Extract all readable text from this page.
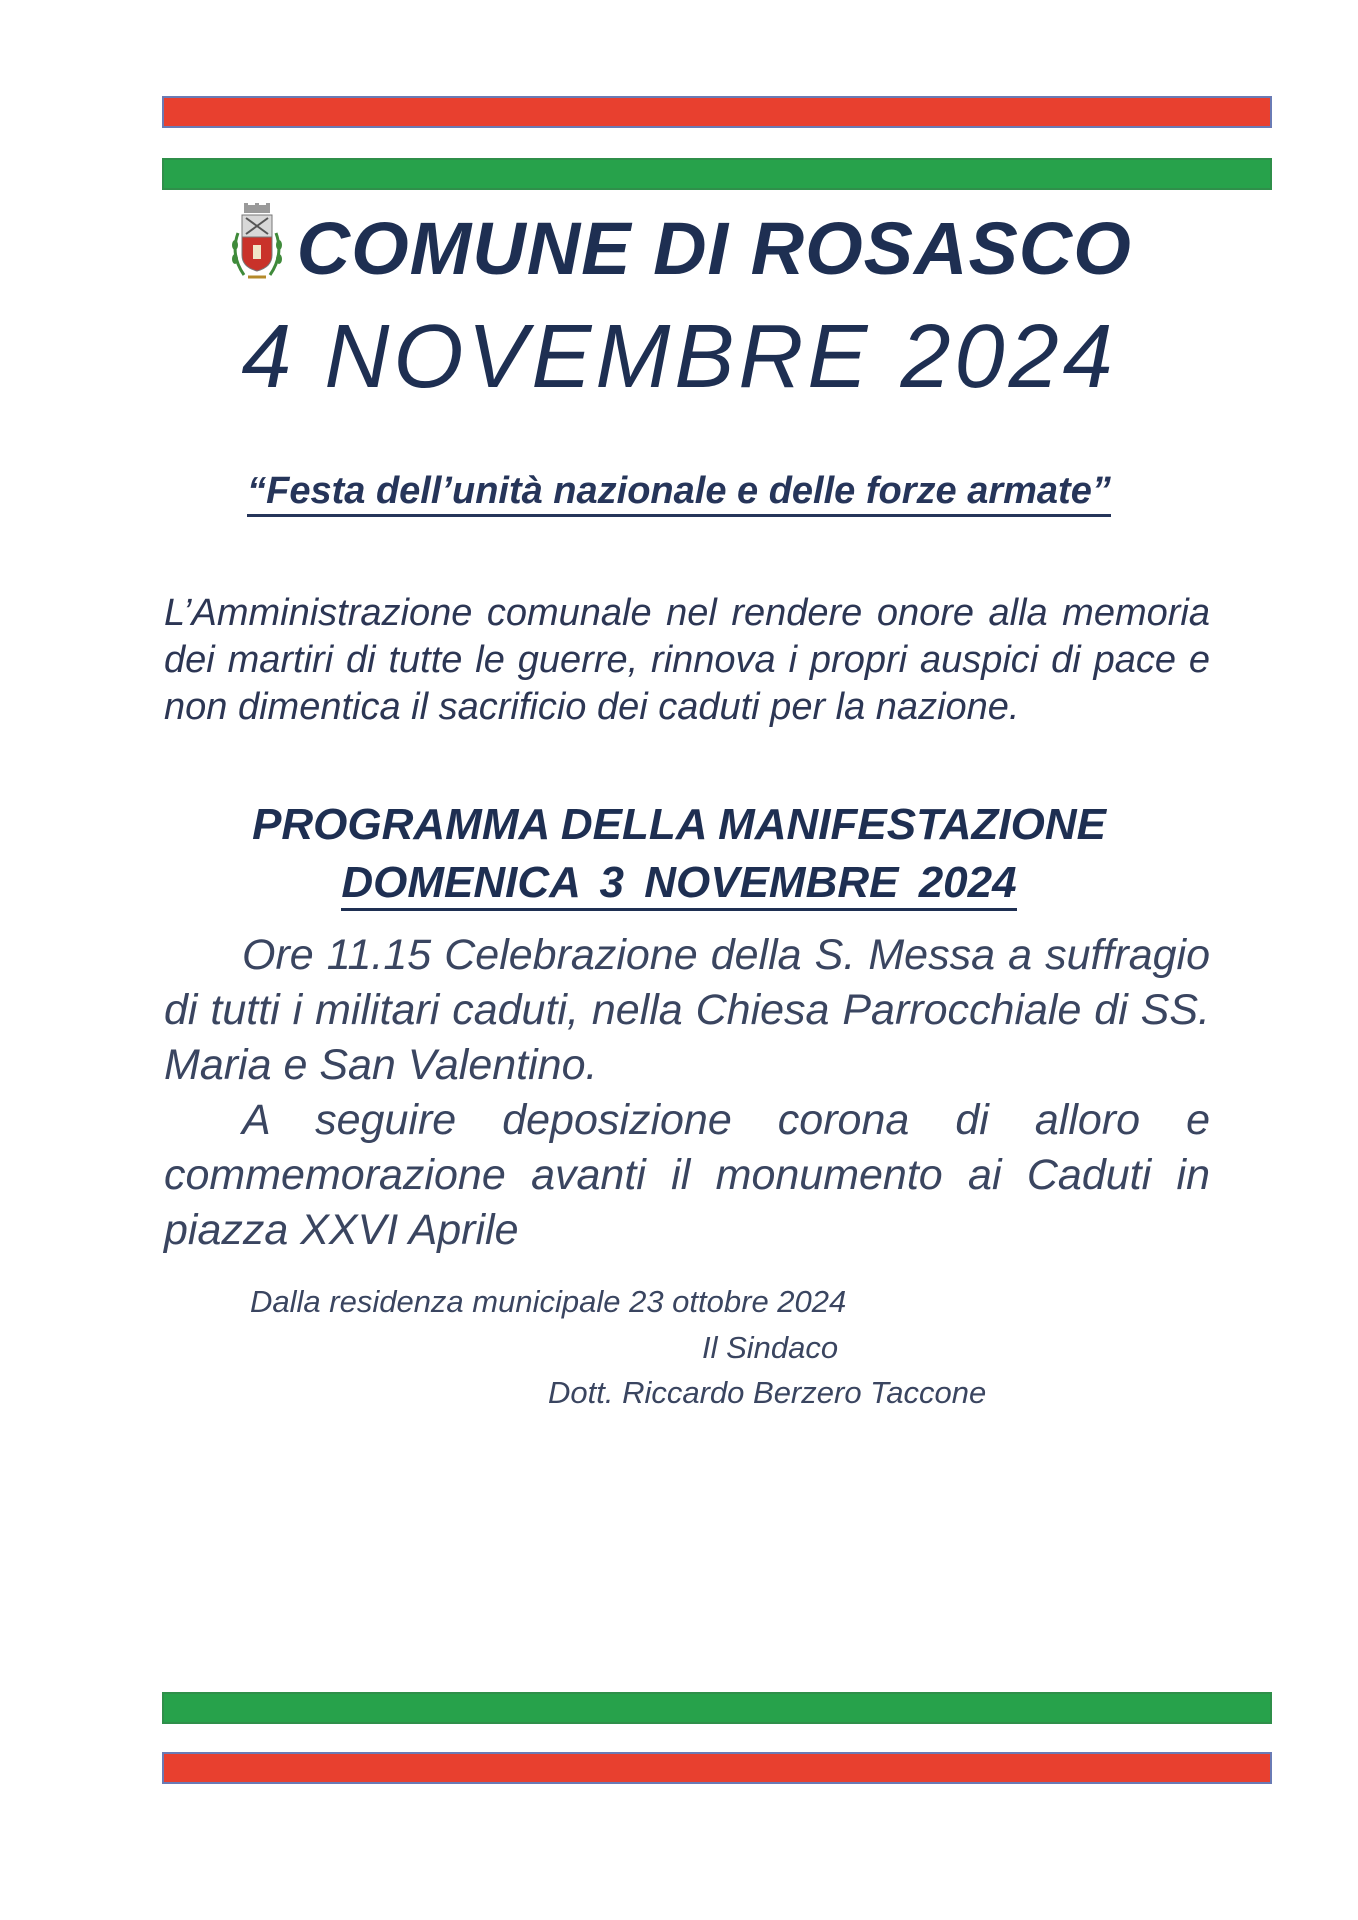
COMUNE DI ROSASCO
4 NOVEMBRE 2024
“Festa dell’unità nazionale e delle forze armate”
L’Amministrazione comunale nel rendere onore alla memoria dei martiri di tutte le guerre, rinnova i propri auspici di pace e non dimentica il sacrificio dei caduti per la nazione.
PROGRAMMA DELLA MANIFESTAZIONE
DOMENICA 3 NOVEMBRE 2024
Ore 11.15 Celebrazione della S. Messa a suffragio di tutti i militari caduti, nella Chiesa Parrocchiale di SS. Maria e San Valentino.
A seguire deposizione corona di alloro e commemorazione avanti il monumento ai Caduti in piazza XXVI Aprile
Dalla residenza municipale 23 ottobre 2024
Il Sindaco
Dott. Riccardo Berzero Taccone
